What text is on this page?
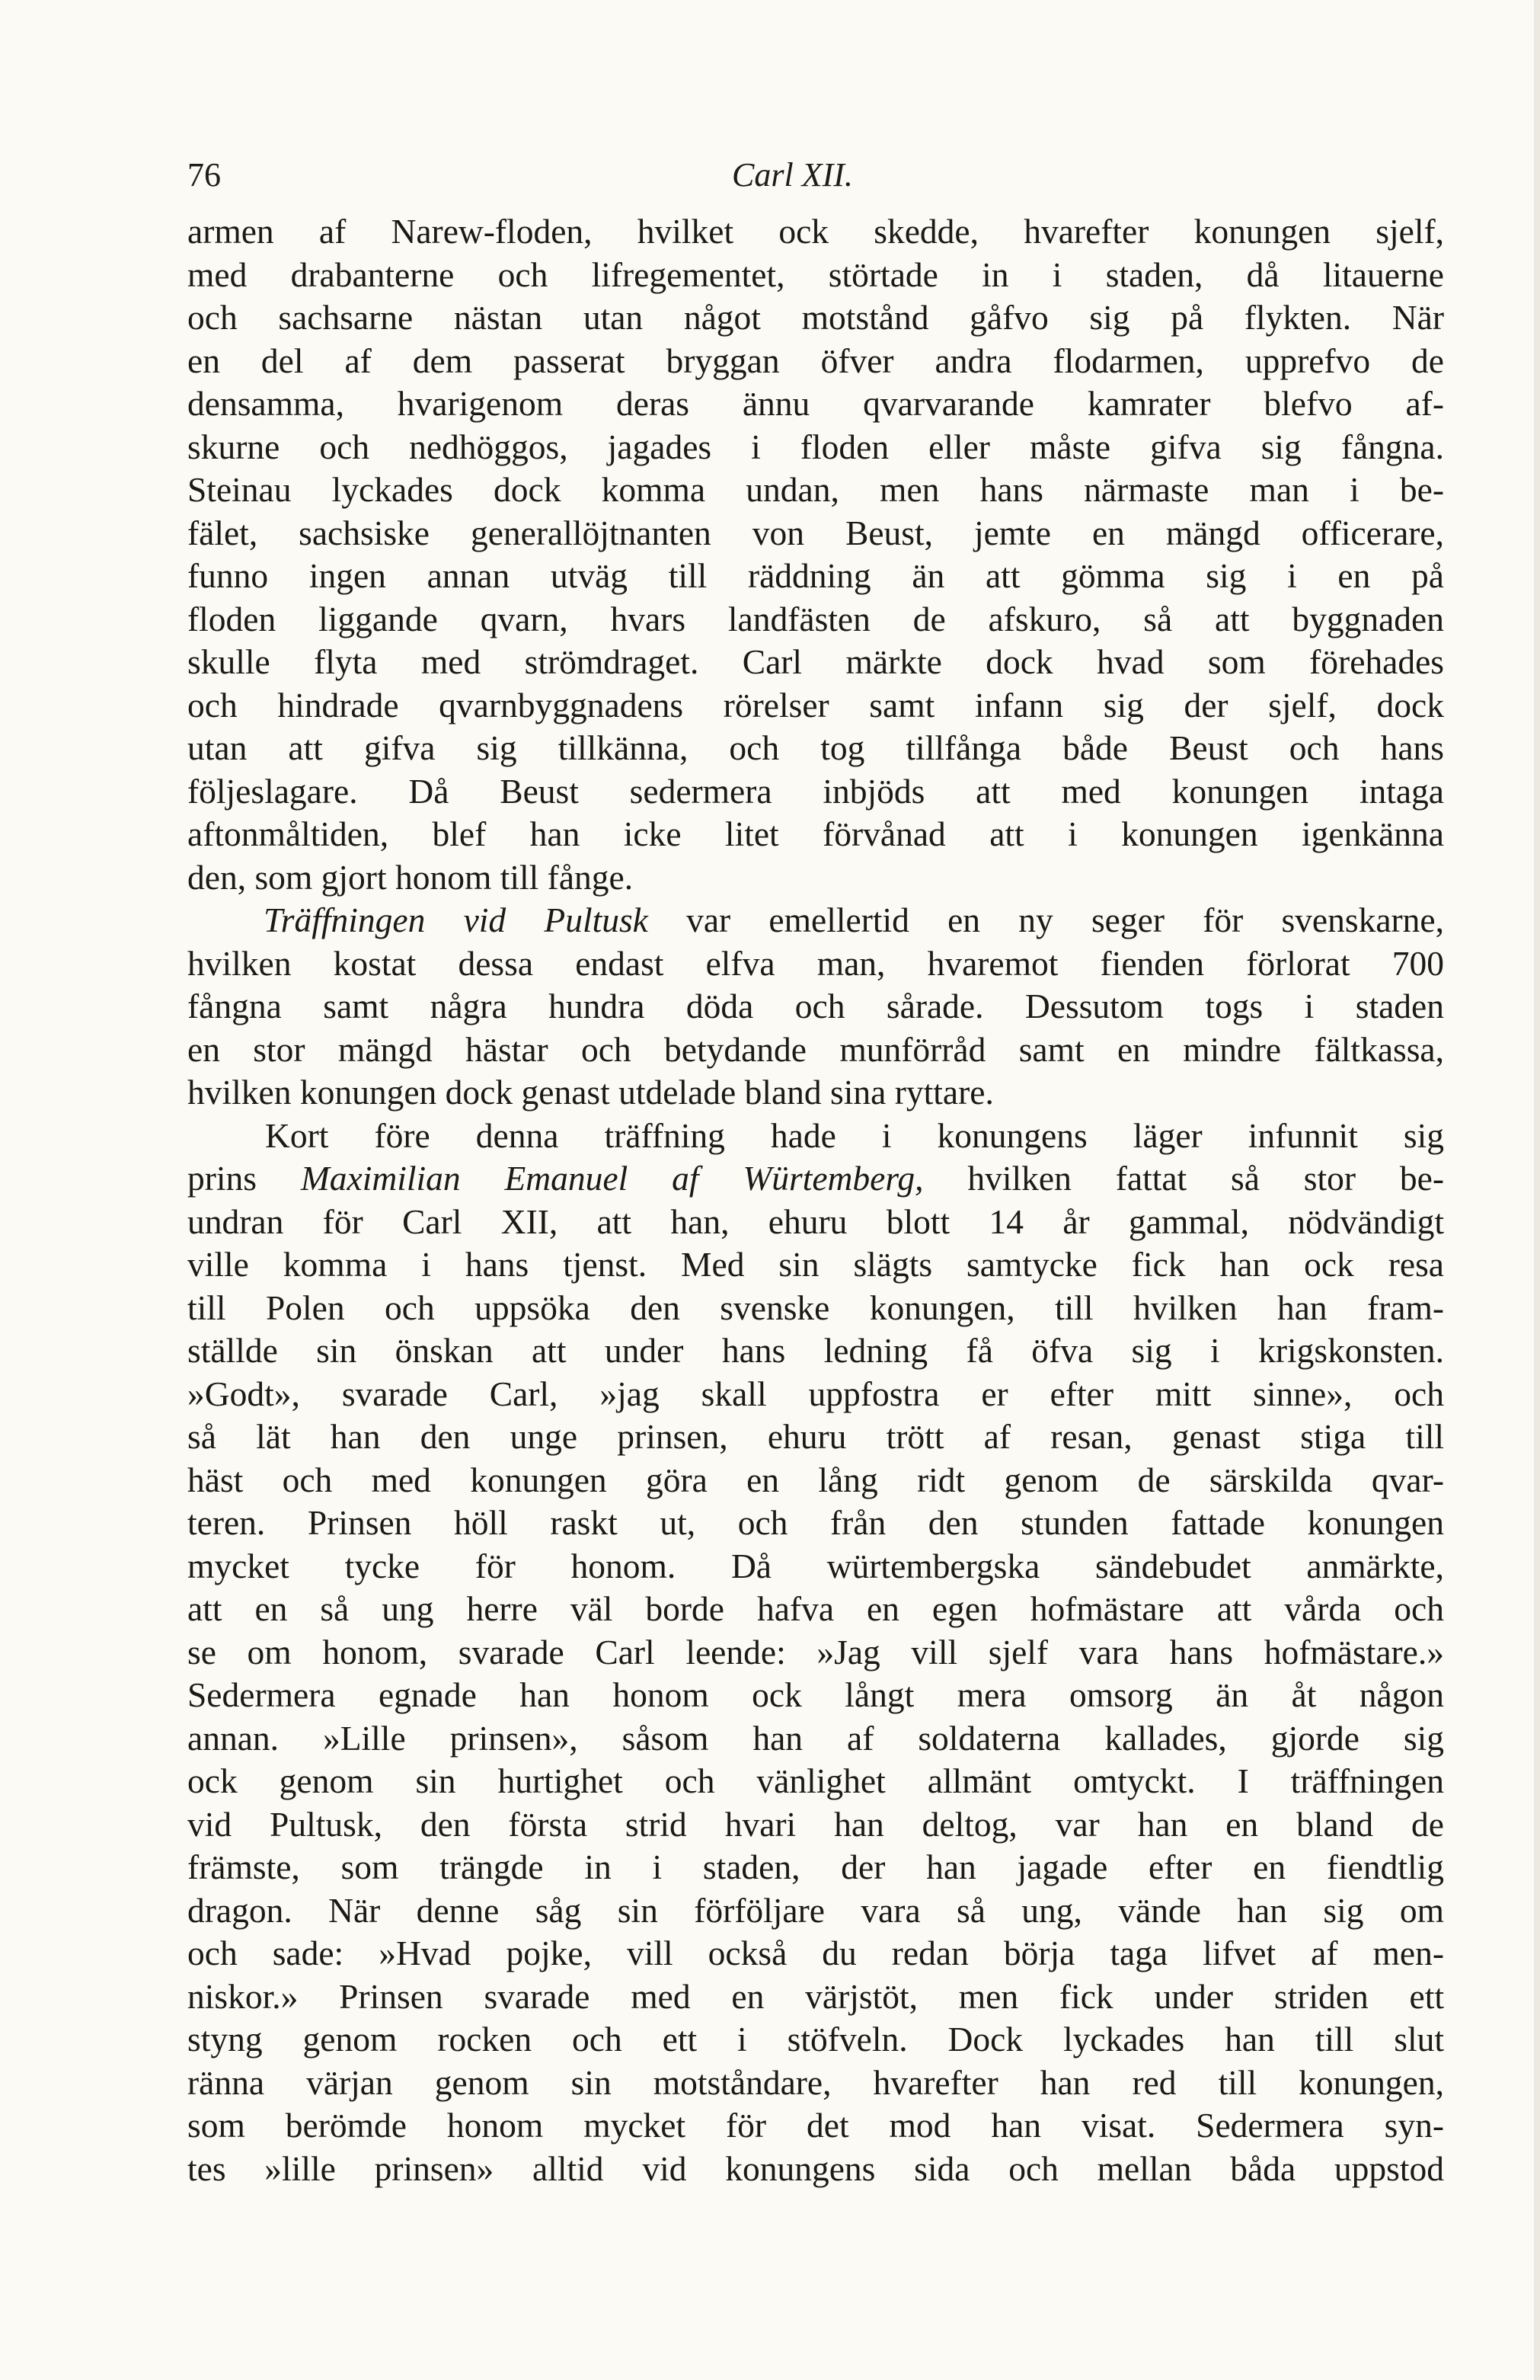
76	Carl XII.
armen af Narew-floden, hvilket ock skedde, hvarefter konungen sjelf,
med drabanterne och lifregementet, störtade in i staden, då litauerne
och sachsarne nästan utan något motstånd gåfvo sig på flykten. När
en del af dem passerat bryggan öfver andra flodarmen, upprefvo de
densamma, hvarigenom deras ännu qvarvarande kamrater blefvo af-
skurne och nedhöggos, jagades i floden eller måste gifva sig fångna.
Steinau lyckades dock komma undan, men hans närmaste man i be-
fälet, sachsiske generallöjtnanten von Beust, jemte en mängd officerare,
funno ingen annan utväg till räddning än att gömma sig i en på
floden liggande qvarn, hvars landfästen de afskuro, så att byggnaden
skulle flyta med strömdraget. Carl märkte dock hvad som förehades
och hindrade qvarnbyggnadens rörelser samt infann sig der sjelf, dock
utan att gifva sig tillkänna, och tog tillfånga både Beust och hans
följeslagare. Då Beust sedermera inbjöds att med konungen intaga
aftonmåltiden, blef han icke litet förvånad att i konungen igenkänna
den, som gjort honom till fånge.
Träffningen vid Pultusk var emellertid en ny seger för svenskarne,
hvilken kostat dessa endast elfva man, hvaremot fienden förlorat 700
fångna samt några hundra döda och sårade. Dessutom togs i staden
en stor mängd hästar och betydande munförråd samt en mindre fältkassa,
hvilken konungen dock genast utdelade bland sina ryttare.
Kort före denna träffning hade i konungens läger infunnit sig
prins Maximilian Emanuel af Würtemberg, hvilken fattat så stor be-
undran för Carl XII, att han, ehuru blott 14 år gammal, nödvändigt
ville komma i hans tjenst. Med sin slägts samtycke fick han ock resa
till Polen och uppsöka den svenske konungen, till hvilken han fram-
ställde sin önskan att under hans ledning få öfva sig i krigskonsten.
»Godt», svarade Carl, »jag skall uppfostra er efter mitt sinne», och
så lät han den unge prinsen, ehuru trött af resan, genast stiga till
häst och med konungen göra en lång ridt genom de särskilda qvar-
teren. Prinsen höll raskt ut, och från den stunden fattade konungen
mycket tycke för honom. Då würtembergska sändebudet anmärkte,
att en så ung herre väl borde hafva en egen hofmästare att vårda och
se om honom, svarade Carl leende: »Jag vill sjelf vara hans hofmästare.»
Sedermera egnade han honom ock långt mera omsorg än åt någon
annan. »Lille prinsen», såsom han af soldaterna kallades, gjorde sig
ock genom sin hurtighet och vänlighet allmänt omtyckt. I träffningen
vid Pultusk, den första strid hvari han deltog, var han en bland de
främste, som trängde in i staden, der han jagade efter en fiendtlig
dragon. När denne såg sin förföljare vara så ung, vände han sig om
och sade: »Hvad pojke, vill också du redan börja taga lifvet af men-
niskor.» Prinsen svarade med en värjstöt, men fick under striden ett
styng genom rocken och ett i stöfveln. Dock lyckades han till slut
ränna värjan genom sin motståndare, hvarefter han red till konungen,
som berömde honom mycket för det mod han visat. Sedermera syn-
tes »lille prinsen» alltid vid konungens sida och mellan båda uppstod
